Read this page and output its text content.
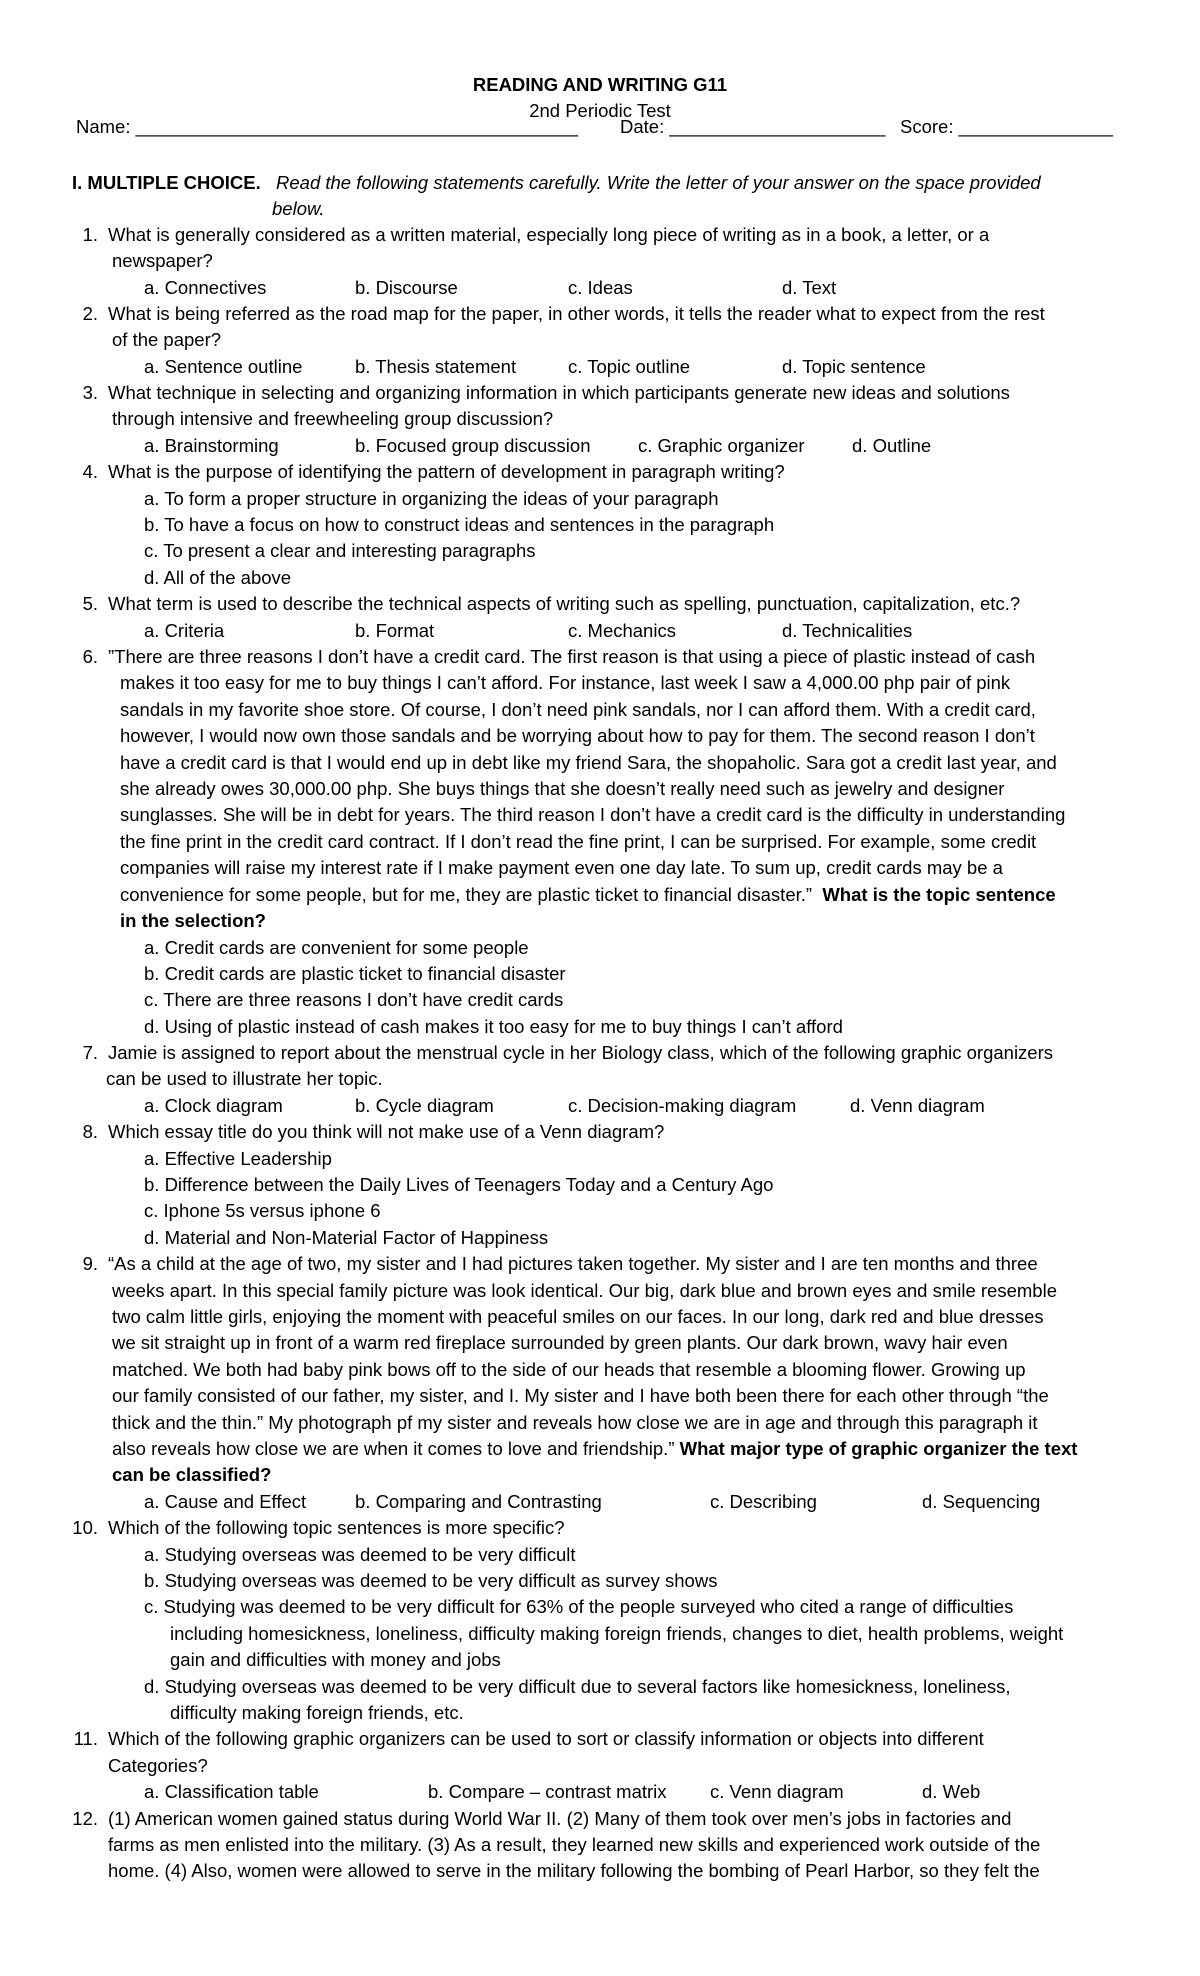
READING AND WRITING G11
2nd Periodic Test
Name: ___________________________________________ Date: _____________________ Score: _______________
I. MULTIPLE CHOICE. Read the following statements carefully. Write the letter of your answer on the space provided
below.
1. What is generally considered as a written material, especially long piece of writing as in a book, a letter, or a
newspaper?
a. Connectives	b. Discourse	c. Ideas	d. Text
2. What is being referred as the road map for the paper, in other words, it tells the reader what to expect from the rest
of the paper?
a. Sentence outline	b. Thesis statement	c. Topic outline	d. Topic sentence
3. What technique in selecting and organizing information in which participants generate new ideas and solutions
through intensive and freewheeling group discussion?
a. Brainstorming	b. Focused group discussion	c. Graphic organizer	d. Outline
4. What is the purpose of identifying the pattern of development in paragraph writing?
a. To form a proper structure in organizing the ideas of your paragraph
b. To have a focus on how to construct ideas and sentences in the paragraph
c. To present a clear and interesting paragraphs
d. All of the above
5. What term is used to describe the technical aspects of writing such as spelling, punctuation, capitalization, etc.?
a. Criteria	b. Format	c. Mechanics	d. Technicalities
6. ”There are three reasons I don’t have a credit card. The first reason is that using a piece of plastic instead of cash
makes it too easy for me to buy things I can’t afford. For instance, last week I saw a 4,000.00 php pair of pink
sandals in my favorite shoe store. Of course, I don’t need pink sandals, nor I can afford them. With a credit card,
however, I would now own those sandals and be worrying about how to pay for them. The second reason I don’t
have a credit card is that I would end up in debt like my friend Sara, the shopaholic. Sara got a credit last year, and
she already owes 30,000.00 php. She buys things that she doesn’t really need such as jewelry and designer
sunglasses. She will be in debt for years. The third reason I don’t have a credit card is the difficulty in understanding
the fine print in the credit card contract. If I don’t read the fine print, I can be surprised. For example, some credit
companies will raise my interest rate if I make payment even one day late. To sum up, credit cards may be a
convenience for some people, but for me, they are plastic ticket to financial disaster.” What is the topic sentence
in the selection?
a. Credit cards are convenient for some people
b. Credit cards are plastic ticket to financial disaster
c. There are three reasons I don’t have credit cards
d. Using of plastic instead of cash makes it too easy for me to buy things I can’t afford
7. Jamie is assigned to report about the menstrual cycle in her Biology class, which of the following graphic organizers
can be used to illustrate her topic.
a. Clock diagram	b. Cycle diagram	c. Decision-making diagram	d. Venn diagram
8. Which essay title do you think will not make use of a Venn diagram?
a. Effective Leadership
b. Difference between the Daily Lives of Teenagers Today and a Century Ago
c. Iphone 5s versus iphone 6
d. Material and Non-Material Factor of Happiness
9. “As a child at the age of two, my sister and I had pictures taken together. My sister and I are ten months and three
weeks apart. In this special family picture was look identical. Our big, dark blue and brown eyes and smile resemble
two calm little girls, enjoying the moment with peaceful smiles on our faces. In our long, dark red and blue dresses
we sit straight up in front of a warm red fireplace surrounded by green plants. Our dark brown, wavy hair even
matched. We both had baby pink bows off to the side of our heads that resemble a blooming flower. Growing up
our family consisted of our father, my sister, and I. My sister and I have both been there for each other through “the
thick and the thin.” My photograph pf my sister and reveals how close we are in age and through this paragraph it
also reveals how close we are when it comes to love and friendship.” What major type of graphic organizer the text
can be classified?
a. Cause and Effect	b. Comparing and Contrasting	c. Describing	d. Sequencing
10. Which of the following topic sentences is more specific?
a. Studying overseas was deemed to be very difficult
b. Studying overseas was deemed to be very difficult as survey shows
c. Studying was deemed to be very difficult for 63% of the people surveyed who cited a range of difficulties
including homesickness, loneliness, difficulty making foreign friends, changes to diet, health problems, weight
gain and difficulties with money and jobs
d. Studying overseas was deemed to be very difficult due to several factors like homesickness, loneliness,
difficulty making foreign friends, etc.
11. Which of the following graphic organizers can be used to sort or classify information or objects into different
Categories?
a. Classification table	b. Compare – contrast matrix c. Venn diagram	d. Web
12. (1) American women gained status during World War II. (2) Many of them took over men’s jobs in factories and
farms as men enlisted into the military. (3) As a result, they learned new skills and experienced work outside of the
home. (4) Also, women were allowed to serve in the military following the bombing of Pearl Harbor, so they felt the
